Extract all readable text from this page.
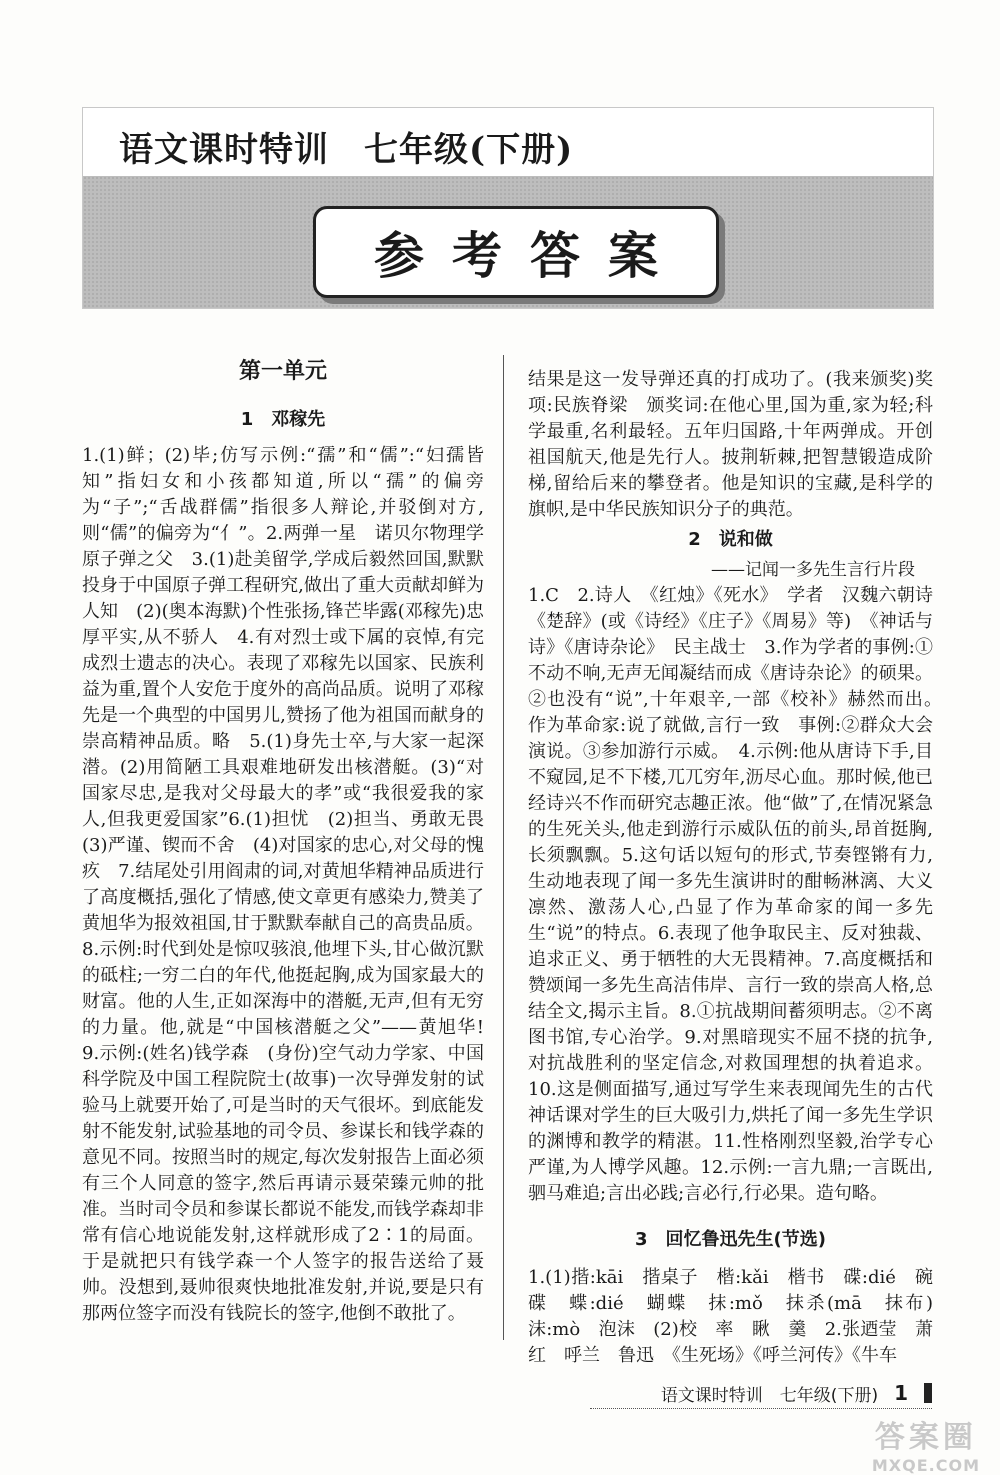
语文课时特训　七年级(下册)
参考答案
第一单元
1　邓稼先

1.(1)鲜；(2)毕;仿写示例:“孺”和“儒”:“妇孺皆知”指妇女和小孩都知道,所以“孺”的偏旁为“子”;“舌战群儒”指很多人辩论,并驳倒对方,则“儒”的偏旁为“亻”。2.两弹一星　诺贝尔物理学　原子弹之父　3.(1)赴美留学,学成后毅然回国,默默投身于中国原子弹工程研究,做出了重大贡献却鲜为人知　(2)(奥本海默)个性张扬,锋芒毕露(邓稼先)忠厚平实,从不骄人　4.有对烈士或下属的哀悼,有完成烈士遗志的决心。表现了邓稼先以国家、民族利益为重,置个人安危于度外的高尚品质。说明了邓稼先是一个典型的中国男儿,赞扬了他为祖国而献身的崇高精神品质。略　5.(1)身先士卒,与大家一起深潜。(2)用简陋工具艰难地研发出核潜艇。(3)“对国家尽忠,是我对父母最大的孝”或“我很爱我的家人,但我更爱国家”6.(1)担忧　(2)担当、勇敢无畏　(3)严谨、锲而不舍　(4)对国家的忠心,对父母的愧疚　7.结尾处引用阎肃的词,对黄旭华精神品质进行了高度概括,强化了情感,使文章更有感染力,赞美了黄旭华为报效祖国,甘于默默奉献自己的高贵品质。

8.示例:时代到处是惊叹骇浪,他埋下头,甘心做沉默的砥柱;一穷二白的年代,他挺起胸,成为国家最大的财富。他的人生,正如深海中的潜艇,无声,但有无穷的力量。他,就是“中国核潜艇之父”——黄旭华!　9.示例:(姓名)钱学森　(身份)空气动力学家、中国科学院及中国工程院院士(故事)一次导弹发射的试验马上就要开始了,可是当时的天气很坏。到底能发射不能发射,试验基地的司令员、参谋长和钱学森的意见不同。按照当时的规定,每次发射报告上面必须有三个人同意的签字,然后再请示聂荣臻元帅的批准。当时司令员和参谋长都说不能发,而钱学森却非常有信心地说能发射,这样就形成了2∶1的局面。于是就把只有钱学森一个人签字的报告送给了聂帅。没想到,聂帅很爽快地批准发射,并说,要是只有那两位签字而没有钱院长的签字,他倒不敢批了。

结果是这一发导弹还真的打成功了。(我来颁奖)奖项:民族脊梁　颁奖词:在他心里,国为重,家为轻;科学最重,名利最轻。五年归国路,十年两弹成。开创祖国航天,他是先行人。披荆斩棘,把智慧锻造成阶梯,留给后来的攀登者。他是知识的宝藏,是科学的旗帜,是中华民族知识分子的典范。

2　说和做
——记闻一多先生言行片段

1.C　2.诗人　《红烛》《死水》　学者　汉魏六朝诗　《楚辞》(或《诗经》《庄子》《周易》等)　《神话与诗》《唐诗杂论》　民主战士　3.作为学者的事例:①不动不响,无声无闻凝结而成《唐诗杂论》的硕果。②也没有“说”,十年艰辛,一部《校补》赫然而出。　作为革命家:说了就做,言行一致　事例:②群众大会演说。③参加游行示威。　4.示例:他从唐诗下手,目不窥园,足不下楼,兀兀穷年,沥尽心血。那时候,他已经诗兴不作而研究志趣正浓。他“做”了,在情况紧急的生死关头,他走到游行示威队伍的前头,昂首挺胸,长须飘飘。5.这句话以短句的形式,节奏铿锵有力,生动地表现了闻一多先生演讲时的酣畅淋漓、大义凛然、激荡人心,凸显了作为革命家的闻一多先生“说”的特点。6.表现了他争取民主、反对独裁、追求正义、勇于牺牲的大无畏精神。7.高度概括和赞颂闻一多先生高洁伟岸、言行一致的崇高人格,总结全文,揭示主旨。8.①抗战期间蓄须明志。②不离图书馆,专心治学。9.对黑暗现实不屈不挠的抗争,对抗战胜利的坚定信念,对救国理想的执着追求。10.这是侧面描写,通过写学生来表现闻先生的古代神话课对学生的巨大吸引力,烘托了闻一多先生学识的渊博和教学的精湛。11.性格刚烈坚毅,治学专心严谨,为人博学风趣。12.示例:一言九鼎;一言既出,驷马难追;言出必践;言必行,行必果。造句略。

3　回忆鲁迅先生(节选)

1.(1)揩:kāi　揩桌子　楷:kǎi　楷书　碟:dié　碗碟　蝶:dié　蝴蝶　抹:mǒ　抹杀(mā　抹布)　沫:mò　泡沫　(2)校　率　瞅　羹　2.张迺莹　萧红　呼兰　鲁迅　《生死场》《呼兰河传》《牛车

语文课时特训　七年级(下册) 1
答案圈
MXQE.COM
